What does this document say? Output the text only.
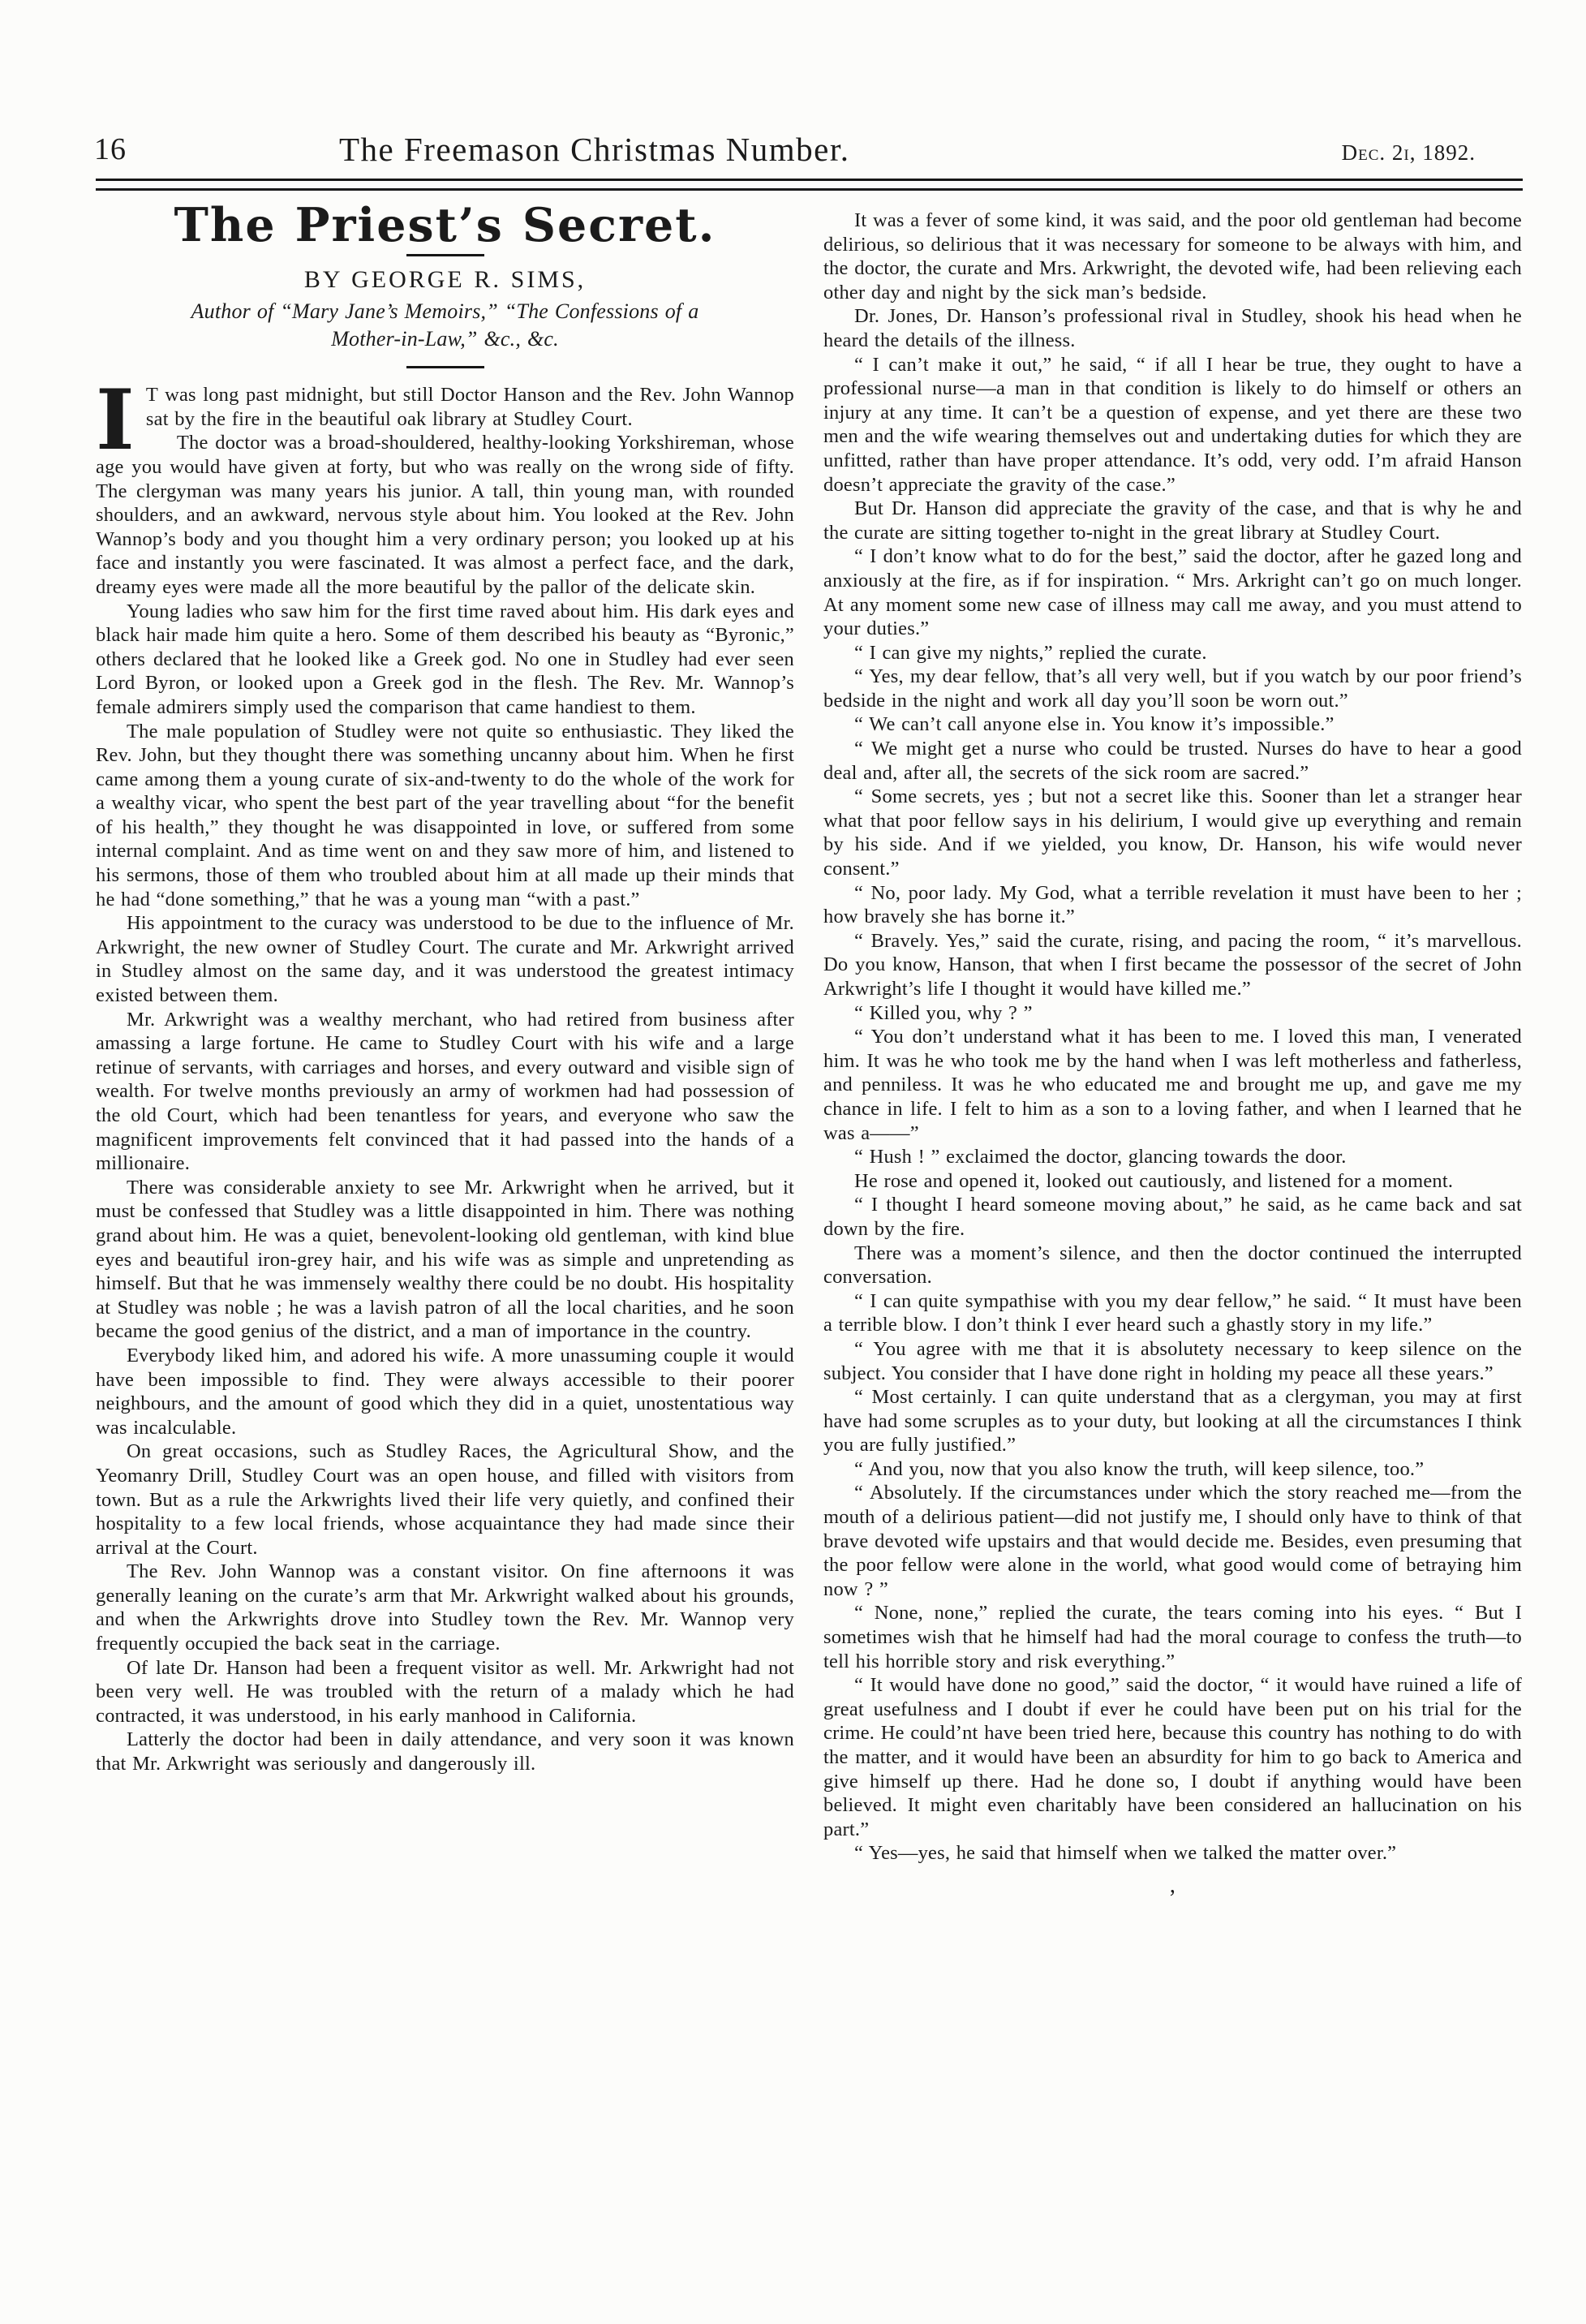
16	The Freemason Christmas Number.	Dec. 2i, 1892.
The Priest’s Secret.
BY GEORGE R. SIMS,
Author of “Mary Jane’s Memoirs,” “The Confessions of a Mother-in-Law,” &c., &c.

I T was long past midnight, but still Doctor Hanson and the Rev. John Wannop sat by the fire in the beautiful oak library at Studley Court.

The doctor was a broad-shouldered, healthy-looking Yorkshireman, whose age you would have given at forty, but who was really on the wrong side of fifty. The clergyman was many years his junior. A tall, thin young man, with rounded shoulders, and an awkward, nervous style about him. You looked at the Rev. John Wannop’s body and you thought him a very ordinary person; you looked up at his face and instantly you were fascinated. It was almost a perfect face, and the dark, dreamy eyes were made all the more beautiful by the pallor of the delicate skin.

Young ladies who saw him for the first time raved about him. His dark eyes and black hair made him quite a hero. Some of them described his beauty as “Byronic,” others declared that he looked like a Greek god. No one in Studley had ever seen Lord Byron, or looked upon a Greek god in the flesh. The Rev. Mr. Wannop’s female admirers simply used the comparison that came handiest to them.

The male population of Studley were not quite so enthusiastic. They liked the Rev. John, but they thought there was something uncanny about him. When he first came among them a young curate of six-and-twenty to do the whole of the work for a wealthy vicar, who spent the best part of the year travelling about “for the benefit of his health,” they thought he was disappointed in love, or suffered from some internal complaint. And as time went on and they saw more of him, and listened to his sermons, those of them who troubled about him at all made up their minds that he had “done something,” that he was a young man “with a past.”

His appointment to the curacy was understood to be due to the influence of Mr. Arkwright, the new owner of Studley Court. The curate and Mr. Arkwright arrived in Studley almost on the same day, and it was understood the greatest intimacy existed between them.

Mr. Arkwright was a wealthy merchant, who had retired from business after amassing a large fortune. He came to Studley Court with his wife and a large retinue of servants, with carriages and horses, and every outward and visible sign of wealth. For twelve months previously an army of workmen had had possession of the old Court, which had been tenantless for years, and everyone who saw the magnificent improvements felt convinced that it had passed into the hands of a millionaire.

There was considerable anxiety to see Mr. Arkwright when he arrived, but it must be confessed that Studley was a little disappointed in him. There was nothing grand about him. He was a quiet, benevolent-looking old gentleman, with kind blue eyes and beautiful iron-grey hair, and his wife was as simple and unpretending as himself. But that he was immensely wealthy there could be no doubt. His hospitality at Studley was noble ; he was a lavish patron of all the local charities, and he soon became the good genius of the district, and a man of importance in the country.

Everybody liked him, and adored his wife. A more unassuming couple it would have been impossible to find. They were always accessible to their poorer neighbours, and the amount of good which they did in a quiet, unostentatious way was incalculable.

On great occasions, such as Studley Races, the Agricultural Show, and the Yeomanry Drill, Studley Court was an open house, and filled with visitors from town. But as a rule the Arkwrights lived their life very quietly, and confined their hospitality to a few local friends, whose acquaintance they had made since their arrival at the Court.

The Rev. John Wannop was a constant visitor. On fine afternoons it was generally leaning on the curate’s arm that Mr. Arkwright walked about his grounds, and when the Arkwrights drove into Studley town the Rev. Mr. Wannop very frequently occupied the back seat in the carriage.

Of late Dr. Hanson had been a frequent visitor as well. Mr. Arkwright had not been very well. He was troubled with the return of a malady which he had contracted, it was understood, in his early manhood in California.

Latterly the doctor had been in daily attendance, and very soon it was known that Mr. Arkwright was seriously and dangerously ill.

It was a fever of some kind, it was said, and the poor old gentleman had become delirious, so delirious that it was necessary for someone to be always with him, and the doctor, the curate and Mrs. Arkwright, the devoted wife, had been relieving each other day and night by the sick man’s bedside.

Dr. Jones, Dr. Hanson’s professional rival in Studley, shook his head when he heard the details of the illness.

“ I can’t make it out,” he said, “ if all I hear be true, they ought to have a professional nurse—a man in that condition is likely to do himself or others an injury at any time. It can’t be a question of expense, and yet there are these two men and the wife wearing themselves out and undertaking duties for which they are unfitted, rather than have proper attendance. It’s odd, very odd. I’m afraid Hanson doesn’t appreciate the gravity of the case.”

But Dr. Hanson did appreciate the gravity of the case, and that is why he and the curate are sitting together to-night in the great library at Studley Court.

“ I don’t know what to do for the best,” said the doctor, after he gazed long and anxiously at the fire, as if for inspiration. “ Mrs. Arkright can’t go on much longer. At any moment some new case of illness may call me away, and you must attend to your duties.”

“ I can give my nights,” replied the curate.

“ Yes, my dear fellow, that’s all very well, but if you watch by our poor friend’s bedside in the night and work all day you’ll soon be worn out.”

“ We can’t call anyone else in. You know it’s impossible.”

“ We might get a nurse who could be trusted. Nurses do have to hear a good deal and, after all, the secrets of the sick room are sacred.”

“ Some secrets, yes ; but not a secret like this. Sooner than let a stranger hear what that poor fellow says in his delirium, I would give up everything and remain by his side. And if we yielded, you know, Dr. Hanson, his wife would never consent.”

“ No, poor lady. My God, what a terrible revelation it must have been to her ; how bravely she has borne it.”

“ Bravely. Yes,” said the curate, rising, and pacing the room, “ it’s marvellous. Do you know, Hanson, that when I first became the possessor of the secret of John Arkwright’s life I thought it would have killed me.”

“ Killed you, why ? ”

“ You don’t understand what it has been to me. I loved this man, I venerated him. It was he who took me by the hand when I was left motherless and fatherless, and penniless. It was he who educated me and brought me up, and gave me my chance in life. I felt to him as a son to a loving father, and when I learned that he was a——”

“ Hush ! ” exclaimed the doctor, glancing towards the door.

He rose and opened it, looked out cautiously, and listened for a moment.

“ I thought I heard someone moving about,” he said, as he came back and sat down by the fire.

There was a moment’s silence, and then the doctor continued the interrupted conversation.

“ I can quite sympathise with you my dear fellow,” he said. “ It must have been a terrible blow. I don’t think I ever heard such a ghastly story in my life.”

“ You agree with me that it is absolutety necessary to keep silence on the subject. You consider that I have done right in holding my peace all these years.”

“ Most certainly. I can quite understand that as a clergyman, you may at first have had some scruples as to your duty, but looking at all the circumstances I think you are fully justified.”

“ And you, now that you also know the truth, will keep silence, too.”

“ Absolutely. If the circumstances under which the story reached me—from the mouth of a delirious patient—did not justify me, I should only have to think of that brave devoted wife upstairs and that would decide me. Besides, even presuming that the poor fellow were alone in the world, what good would come of betraying him now ? ”

“ None, none,” replied the curate, the tears coming into his eyes. “ But I sometimes wish that he himself had had the moral courage to confess the truth—to tell his horrible story and risk everything.”

“ It would have done no good,” said the doctor, “ it would have ruined a life of great usefulness and I doubt if ever he could have been put on his trial for the crime. He could’nt have been tried here, because this country has nothing to do with the matter, and it would have been an absurdity for him to go back to America and give himself up there. Had he done so, I doubt if anything would have been believed. It might even charitably have been considered an hallucination on his part.”

“ Yes—yes, he said that himself when we talked the matter over.”

,
